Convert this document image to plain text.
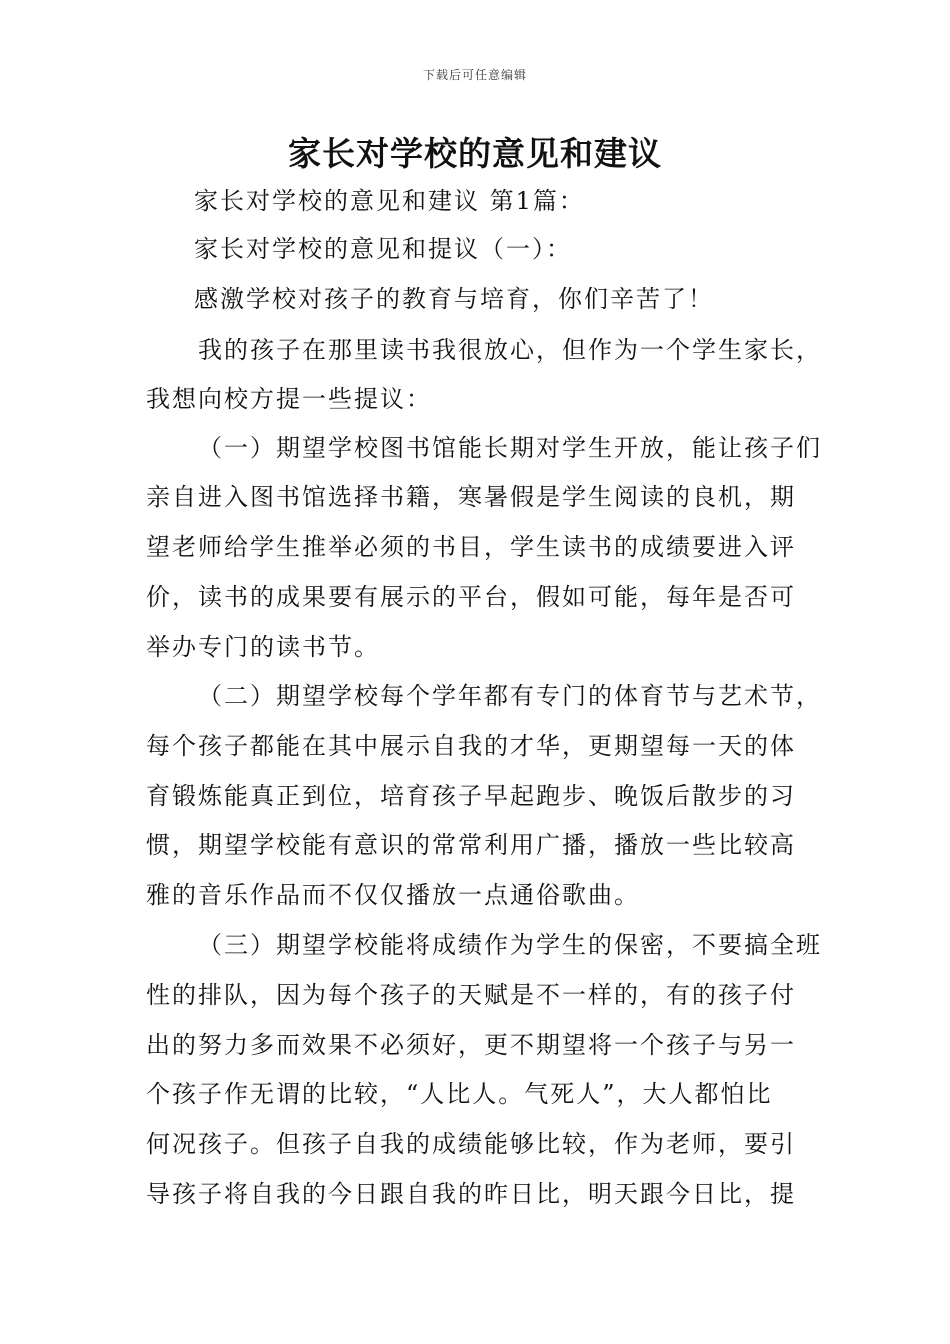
下载后可任意编辑
家长对学校的意见和建议
家长对学校的意见和建议 第1篇：
家长对学校的意见和提议（一）：
感激学校对孩子的教育与培育，你们辛苦了！
我的孩子在那里读书我很放心，但作为一个学生家长，
我想向校方提一些提议：
（一）期望学校图书馆能长期对学生开放，能让孩子们
亲自进入图书馆选择书籍，寒暑假是学生阅读的良机，期
望老师给学生推举必须的书目，学生读书的成绩要进入评
价，读书的成果要有展示的平台，假如可能，每年是否可
举办专门的读书节。
（二）期望学校每个学年都有专门的体育节与艺术节，
每个孩子都能在其中展示自我的才华，更期望每一天的体
育锻炼能真正到位，培育孩子早起跑步、晚饭后散步的习
惯，期望学校能有意识的常常利用广播，播放一些比较高
雅的音乐作品而不仅仅播放一点通俗歌曲。
（三）期望学校能将成绩作为学生的保密，不要搞全班
性的排队，因为每个孩子的天赋是不一样的，有的孩子付
出的努力多而效果不必须好，更不期望将一个孩子与另一
个孩子作无谓的比较，“人比人。气死人”，大人都怕比
何况孩子。但孩子自我的成绩能够比较，作为老师，要引
导孩子将自我的今日跟自我的昨日比，明天跟今日比，提
